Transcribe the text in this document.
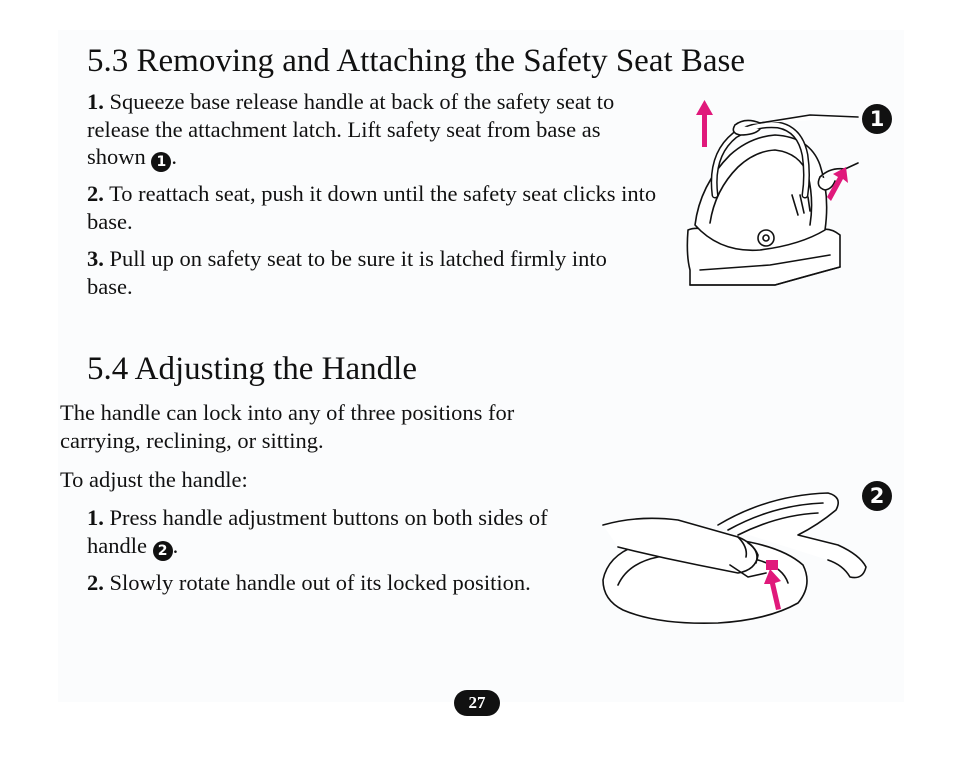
5.3 Removing and Attaching the Safety Seat Base

1. Squeeze base release handle at back of the safety seat to release the attachment latch. Lift safety seat from base as shown 1 .

2. To reattach seat, push it down until the safety seat clicks into base.

3. Pull up on safety seat to be sure it is latched firmly into base.

1
5.4 Adjusting the Handle

The handle can lock into any of three positions for carrying, reclining, or sitting.

To adjust the handle:

1. Press handle adjustment buttons on both sides of handle 2 .

2. Slowly rotate handle out of its locked position.

2
27
